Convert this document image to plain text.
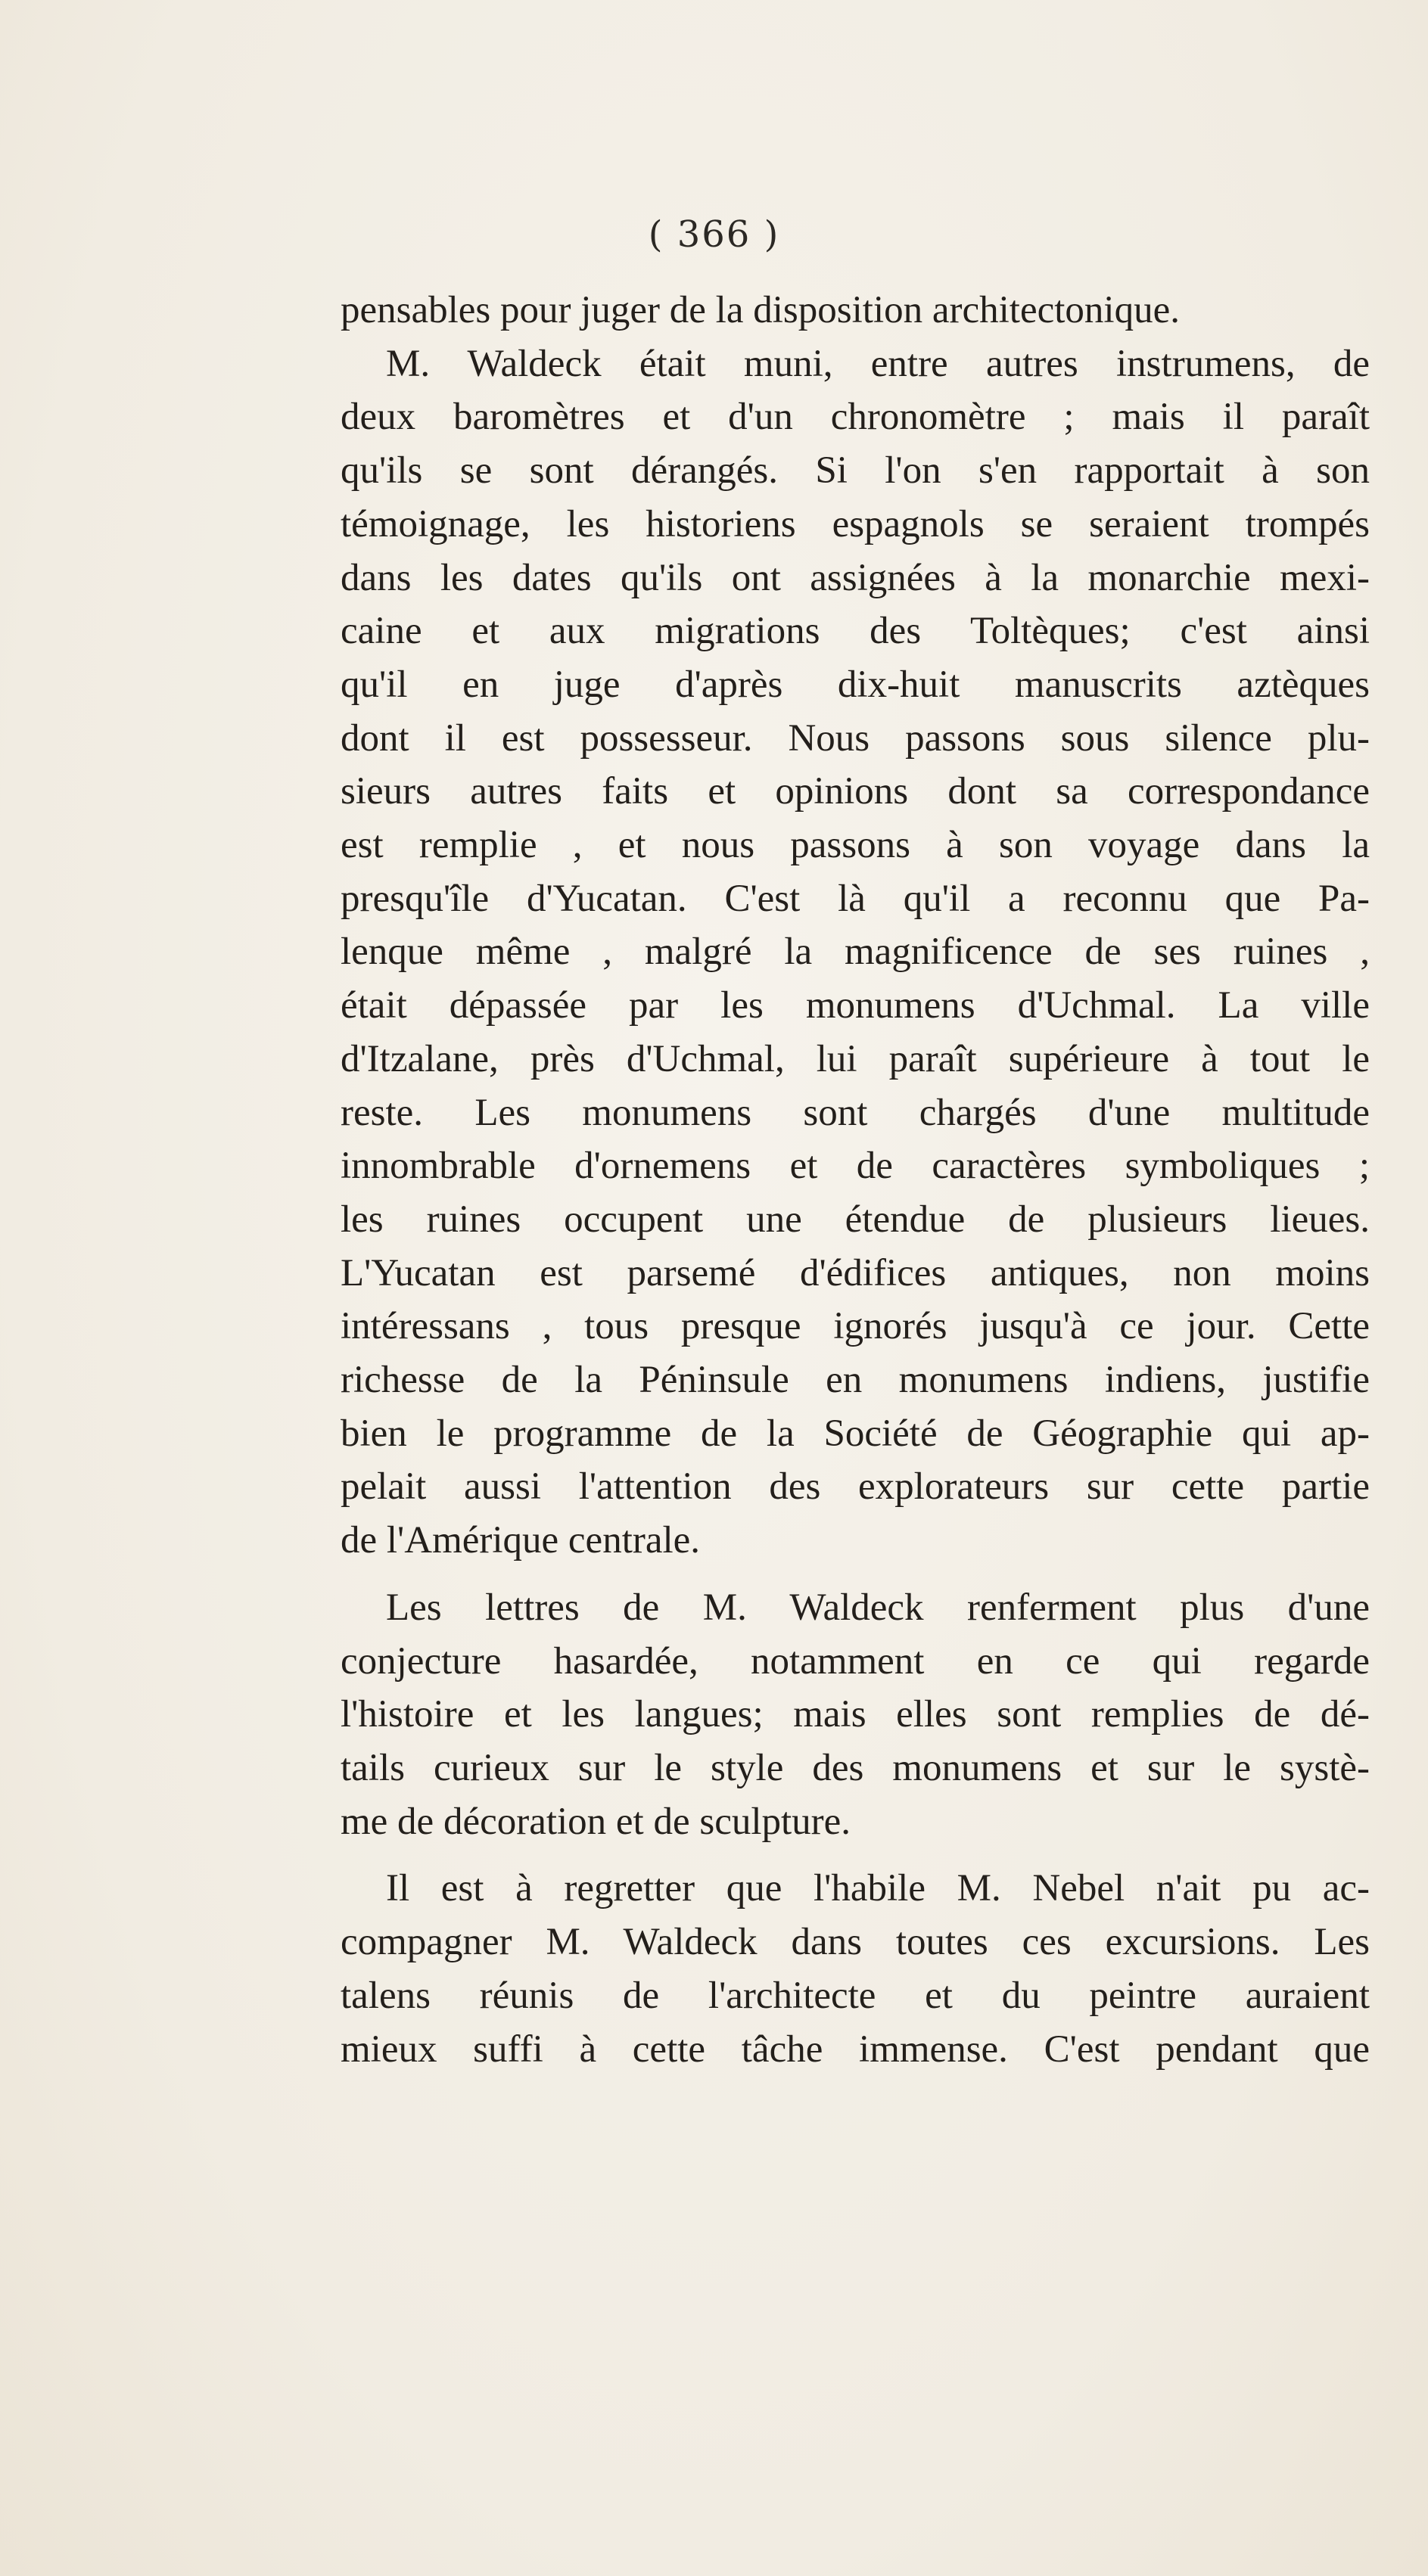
( 366 )
pensables pour juger de la disposition architectonique.
M. Waldeck était muni, entre autres instrumens, de
deux baromètres et d'un chronomètre ; mais il paraît
qu'ils se sont dérangés. Si l'on s'en rapportait à son
témoignage, les historiens espagnols se seraient trompés
dans les dates qu'ils ont assignées à la monarchie mexi-
caine et aux migrations des Toltèques; c'est ainsi
qu'il en juge d'après dix-huit manuscrits aztèques
dont il est possesseur. Nous passons sous silence plu-
sieurs autres faits et opinions dont sa correspondance
est remplie , et nous passons à son voyage dans la
presqu'île d'Yucatan. C'est là qu'il a reconnu que Pa-
lenque même , malgré la magnificence de ses ruines ,
était dépassée par les monumens d'Uchmal. La ville
d'Itzalane, près d'Uchmal, lui paraît supérieure à tout le
reste. Les monumens sont chargés d'une multitude
innombrable d'ornemens et de caractères symboliques ;
les ruines occupent une étendue de plusieurs lieues.
L'Yucatan est parsemé d'édifices antiques, non moins
intéressans , tous presque ignorés jusqu'à ce jour. Cette
richesse de la Péninsule en monumens indiens, justifie
bien le programme de la Société de Géographie qui ap-
pelait aussi l'attention des explorateurs sur cette partie
de l'Amérique centrale.
Les lettres de M. Waldeck renferment plus d'une
conjecture hasardée, notamment en ce qui regarde
l'histoire et les langues; mais elles sont remplies de dé-
tails curieux sur le style des monumens et sur le systè-
me de décoration et de sculpture.
Il est à regretter que l'habile M. Nebel n'ait pu ac-
compagner M. Waldeck dans toutes ces excursions. Les
talens réunis de l'architecte et du peintre auraient
mieux suffi à cette tâche immense. C'est pendant que
